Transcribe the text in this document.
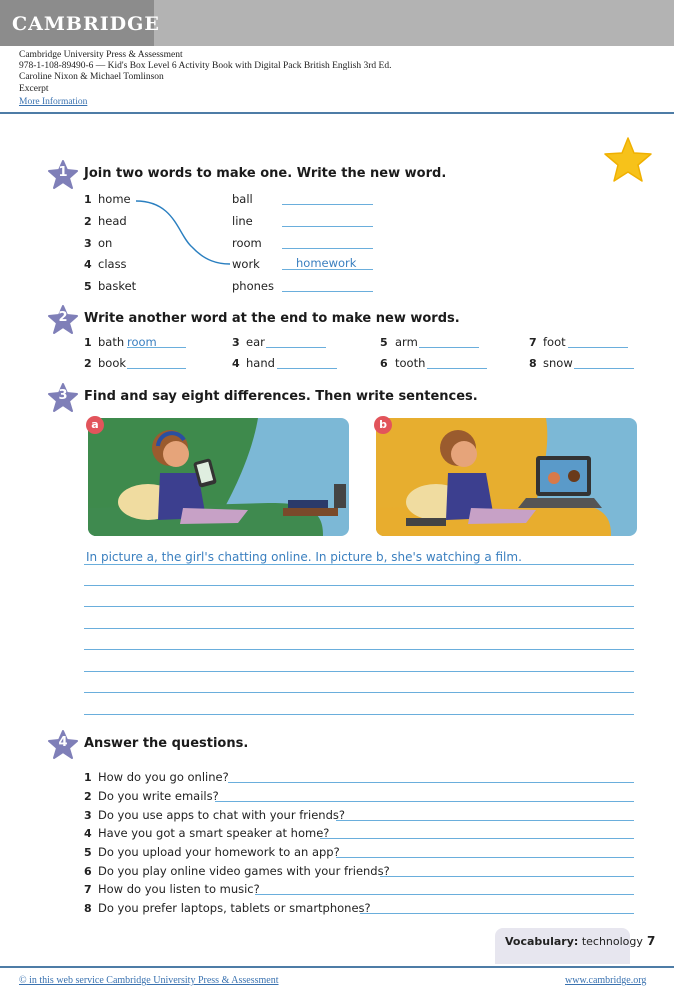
CAMBRIDGE
Cambridge University Press & Assessment
978-1-108-89490-6 — Kid's Box Level 6 Activity Book with Digital Pack British English 3rd Ed.
Caroline Nixon & Michael Tomlinson
Excerpt
More Information
1	Join two words to make one. Write the new word.
1 home	ball
2 head	line
3 on	room
4 class	work	homework
5 basket	phones
2	Write another word at the end to make new words.
1 bath room	3 ear	5 arm	7 foot
2 book	4 hand	6 tooth	8 snow
3	Find and say eight differences. Then write sentences.
a	b
In picture a, the girl's chatting online. In picture b, she's watching a film.
4	Answer the questions.
1 How do you go online?
2 Do you write emails?
3 Do you use apps to chat with your friends?
4 Have you got a smart speaker at home?
5 Do you upload your homework to an app?
6 Do you play online video games with your friends?
7 How do you listen to music?
8 Do you prefer laptops, tablets or smartphones?
Vocabulary: technology 7
© in this web service Cambridge University Press & Assessment	www.cambridge.org
